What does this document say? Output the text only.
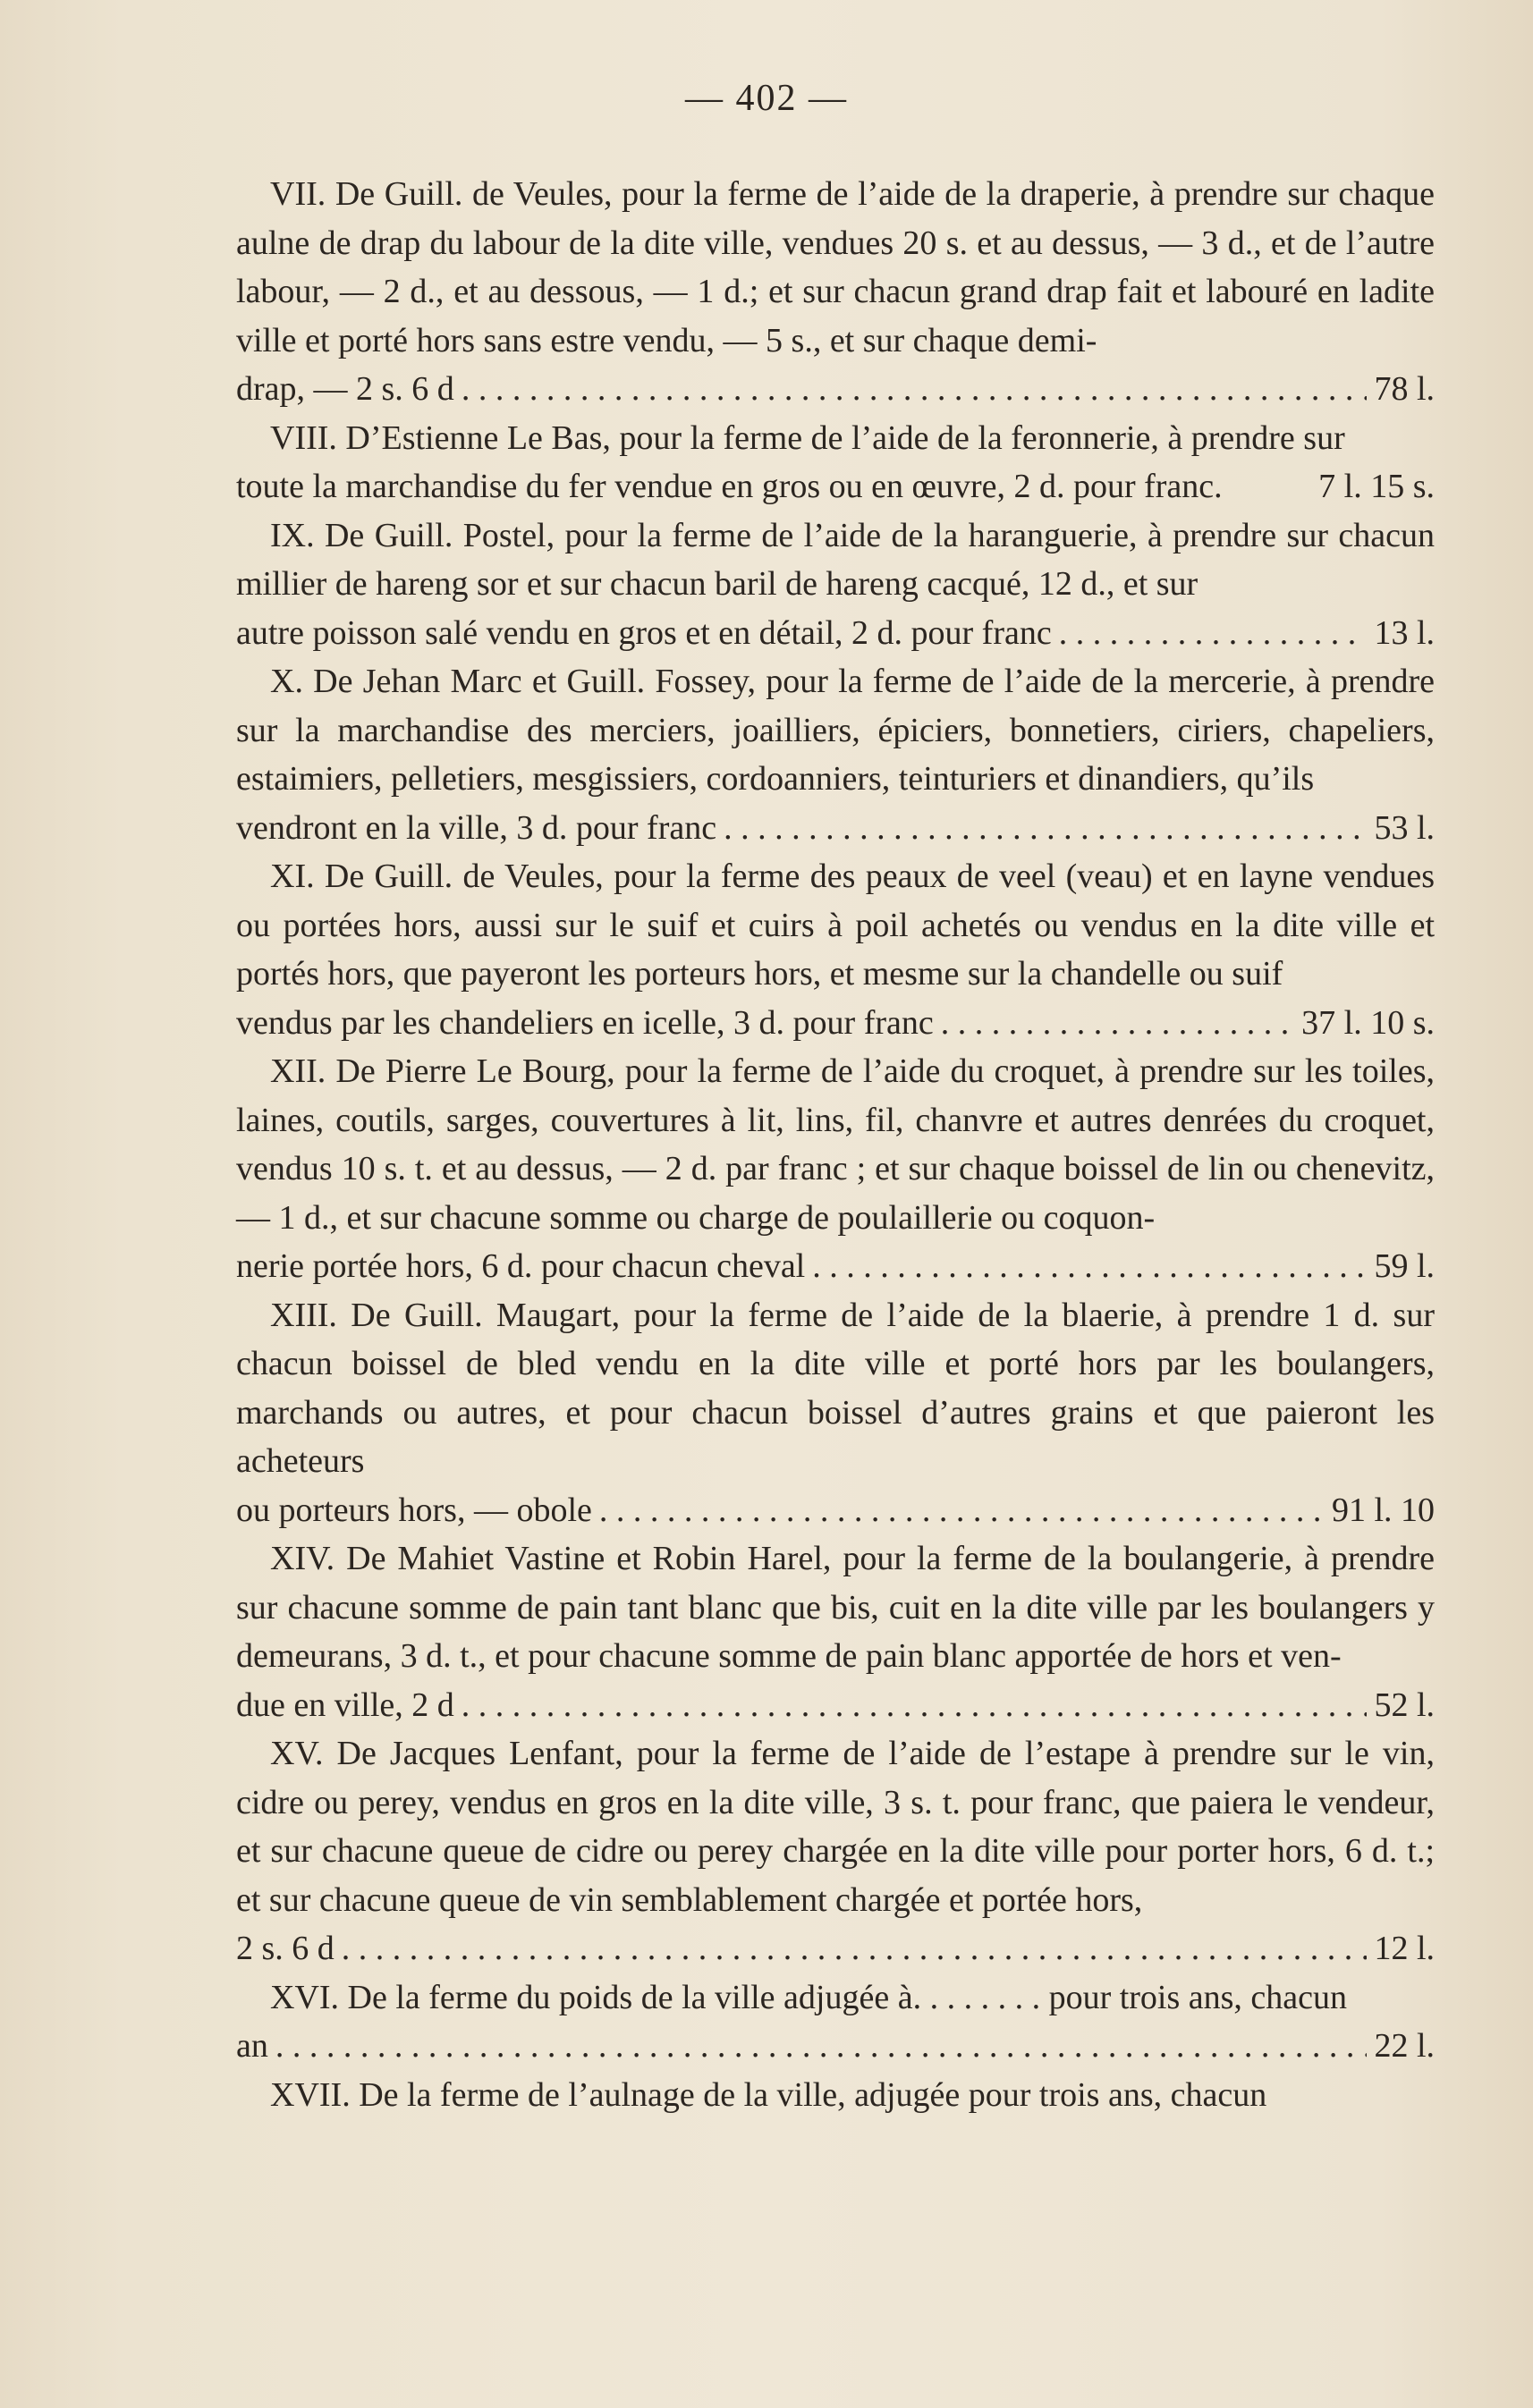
— 402 —

VII. De Guill. de Veules, pour la ferme de l’aide de la draperie, à prendre sur chaque aulne de drap du labour de la dite ville, vendues 20 s. et au dessus, — 3 d., et de l’autre labour, — 2 d., et au dessous, — 1 d.; et sur chacun grand drap fait et labouré en ladite ville et porté hors sans estre vendu, — 5 s., et sur chaque demi-

drap, — 2 s. 6 d . . .	78 l.

VIII. D’Estienne Le Bas, pour la ferme de l’aide de la feronnerie, à prendre sur

toute la marchandise du fer vendue en gros ou en œuvre, 2 d. pour franc.	7 l. 15 s.

IX. De Guill. Postel, pour la ferme de l’aide de la haranguerie, à prendre sur chacun millier de hareng sor et sur chacun baril de hareng cacqué, 12 d., et sur

autre poisson salé vendu en gros et en détail, 2 d. pour franc . . .	13 l.

X. De Jehan Marc et Guill. Fossey, pour la ferme de l’aide de la mercerie, à prendre sur la marchandise des merciers, joailliers, épiciers, bonnetiers, ciriers, chapeliers, estaimiers, pelletiers, mesgissiers, cordoanniers, teinturiers et dinandiers, qu’ils

vendront en la ville, 3 d. pour franc . . .	53 l.

XI. De Guill. de Veules, pour la ferme des peaux de veel (veau) et en layne vendues ou portées hors, aussi sur le suif et cuirs à poil achetés ou vendus en la dite ville et portés hors, que payeront les porteurs hors, et mesme sur la chandelle ou suif

vendus par les chandeliers en icelle, 3 d. pour franc . . .	37 l. 10 s.

XII. De Pierre Le Bourg, pour la ferme de l’aide du croquet, à prendre sur les toiles, laines, coutils, sarges, couvertures à lit, lins, fil, chanvre et autres denrées du croquet, vendus 10 s. t. et au dessus, — 2 d. par franc ; et sur chaque boissel de lin ou chenevitz, — 1 d., et sur chacune somme ou charge de poulaillerie ou coquon-

nerie portée hors, 6 d. pour chacun cheval . . .	59 l.

XIII. De Guill. Maugart, pour la ferme de l’aide de la blaerie, à prendre 1 d. sur chacun boissel de bled vendu en la dite ville et porté hors par les boulangers, marchands ou autres, et pour chacun boissel d’autres grains et que paieront les acheteurs

ou porteurs hors, — obole . . .	91 l. 10

XIV. De Mahiet Vastine et Robin Harel, pour la ferme de la boulangerie, à prendre sur chacune somme de pain tant blanc que bis, cuit en la dite ville par les boulangers y demeurans, 3 d. t., et pour chacune somme de pain blanc apportée de hors et ven-

due en ville, 2 d . . .	52 l.

XV. De Jacques Lenfant, pour la ferme de l’aide de l’estape à prendre sur le vin, cidre ou perey, vendus en gros en la dite ville, 3 s. t. pour franc, que paiera le vendeur, et sur chacune queue de cidre ou perey chargée en la dite ville pour porter hors, 6 d. t.; et sur chacune queue de vin semblablement chargée et portée hors,

2 s. 6 d . . .	12 l.

XVI. De la ferme du poids de la ville adjugée à. . . . . . . . pour trois ans, chacun

an . . .	22 l.

XVII. De la ferme de l’aulnage de la ville, adjugée pour trois ans, chacun
